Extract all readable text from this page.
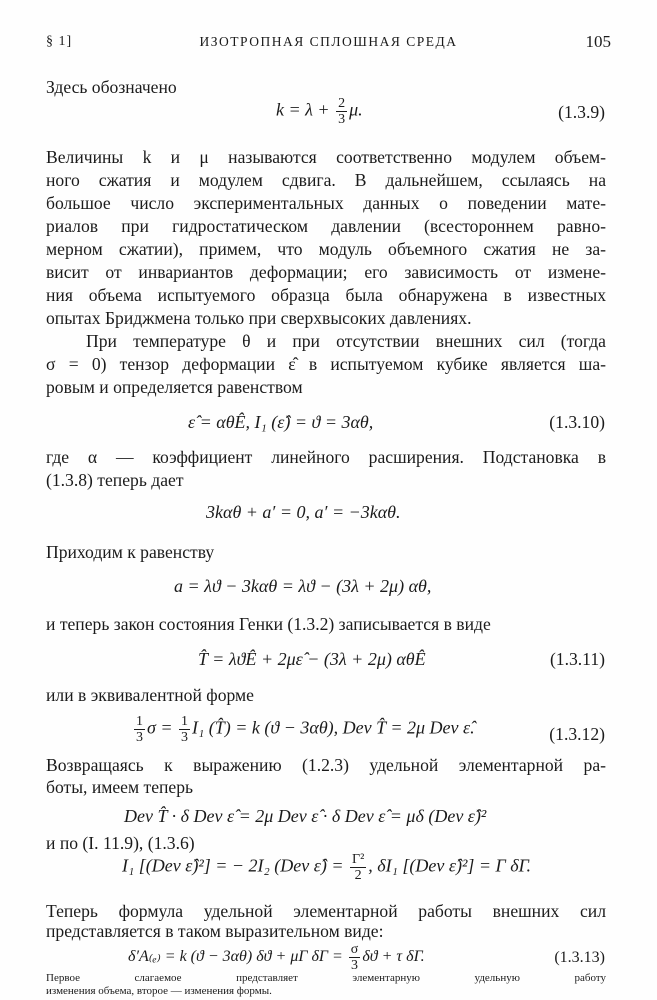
§ 1]	ИЗОТРОПНАЯ СПЛОШНАЯ СРЕДА	105
Здесь обозначено
$k = \lambda + \frac{2}{3} \mu$.	(1.3.9)
Величины k и μ называются соответственно модулем объем-
ного сжатия и модулем сдвига. В дальнейшем, ссылаясь на
большое число экспериментальных данных о поведении мате-
риалов при гидростатическом давлении (всестороннем равно-
мерном сжатии), примем, что модуль объемного сжатия не за-
висит от инвариантов деформации; его зависимость от измене-
ния объема испытуемого образца была обнаружена в известных
опытах Бриджмена только при сверхвысоких давлениях.
При температуре θ и при отсутствии внешних сил (тогда
σ = 0) тензор деформации ε̂ в испытуемом кубике является ша-
ровым и определяется равенством
ε̂ = αθÊ, I₁ (ε̂) = ϑ = 3αθ,	(1.3.10)
где α — коэффициент линейного расширения. Подстановка в
(1.3.8) теперь дает
3kαθ + a′ = 0, a′ = −3kαθ.
Приходим к равенству
a = λϑ − 3kαθ = λϑ − (3λ + 2μ) αθ,
и теперь закон состояния Генки (1.3.2) записывается в виде
T̂ = λϑÊ + 2με̂ − (3λ + 2μ) αθÊ	(1.3.11)
или в эквивалентной форме
$\frac{1}{3}$ $\sigma = \frac{1}{3} I_1$ (T̂) = k (ϑ − 3αθ), Dev T̂ = 2μ Dev ε̂.	(1.3.12)
Возвращаясь к выражению (1.2.3) удельной элементарной ра-
боты, имеем теперь
Dev T̂ · δ Dev ε̂ = 2μ Dev ε̂ · δ Dev ε̂ = μδ (Dev ε̂)²
и по (I. 11.9), (1.3.6)
I₁ [(Dev ε̂)²] = − 2I₂ (Dev ε̂) = $\frac{\text{Γ²}}{2}$ , δI₁ [(Dev ε̂)²] = Γ δΓ.
Теперь формула удельной элементарной работы внешних сил
представляется в таком выразительном виде:
δ′A₍ₑ₎ = k (ϑ − 3αθ) δϑ + μΓ $\delta\Gamma = \frac{\sigma}{3}$ δϑ + τ δΓ.	(1.3.13)
Первое слагаемое представляет элементарную удельную работу
изменения объема, второе — изменения формы.
